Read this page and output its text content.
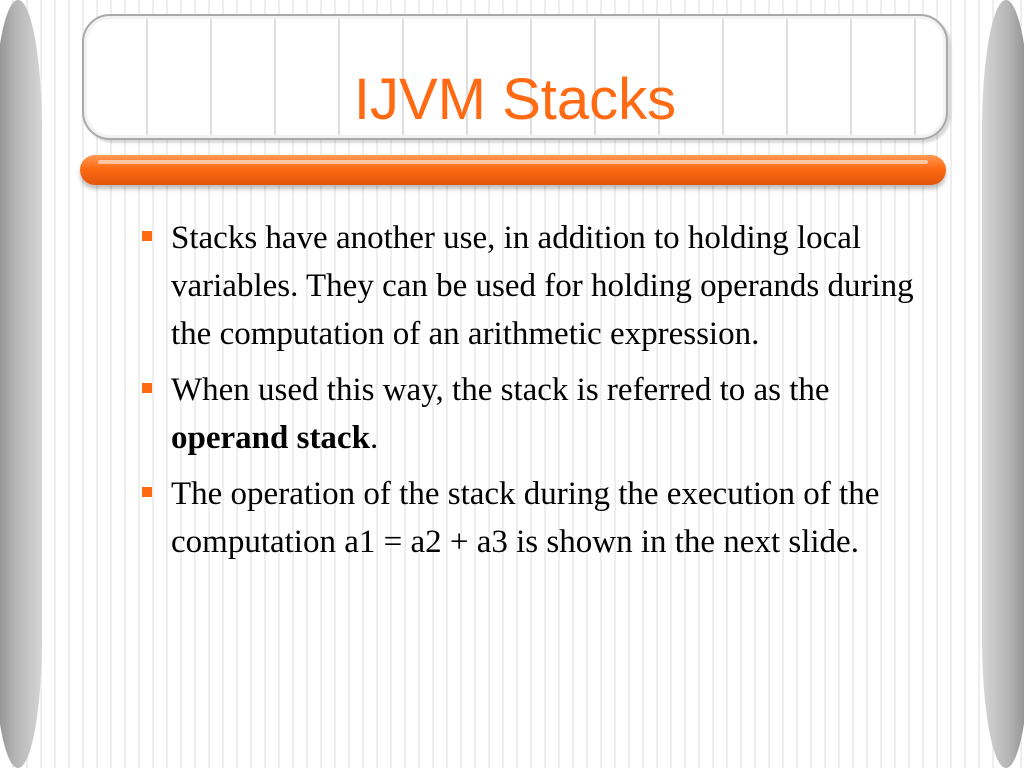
IJVM Stacks
Stacks have another use, in addition to holding local variables. They can be used for holding operands during the computation of an arithmetic expression.
When used this way, the stack is referred to as the operand stack.
The operation of the stack during the execution of the computation a1 = a2 + a3 is shown in the next slide.
